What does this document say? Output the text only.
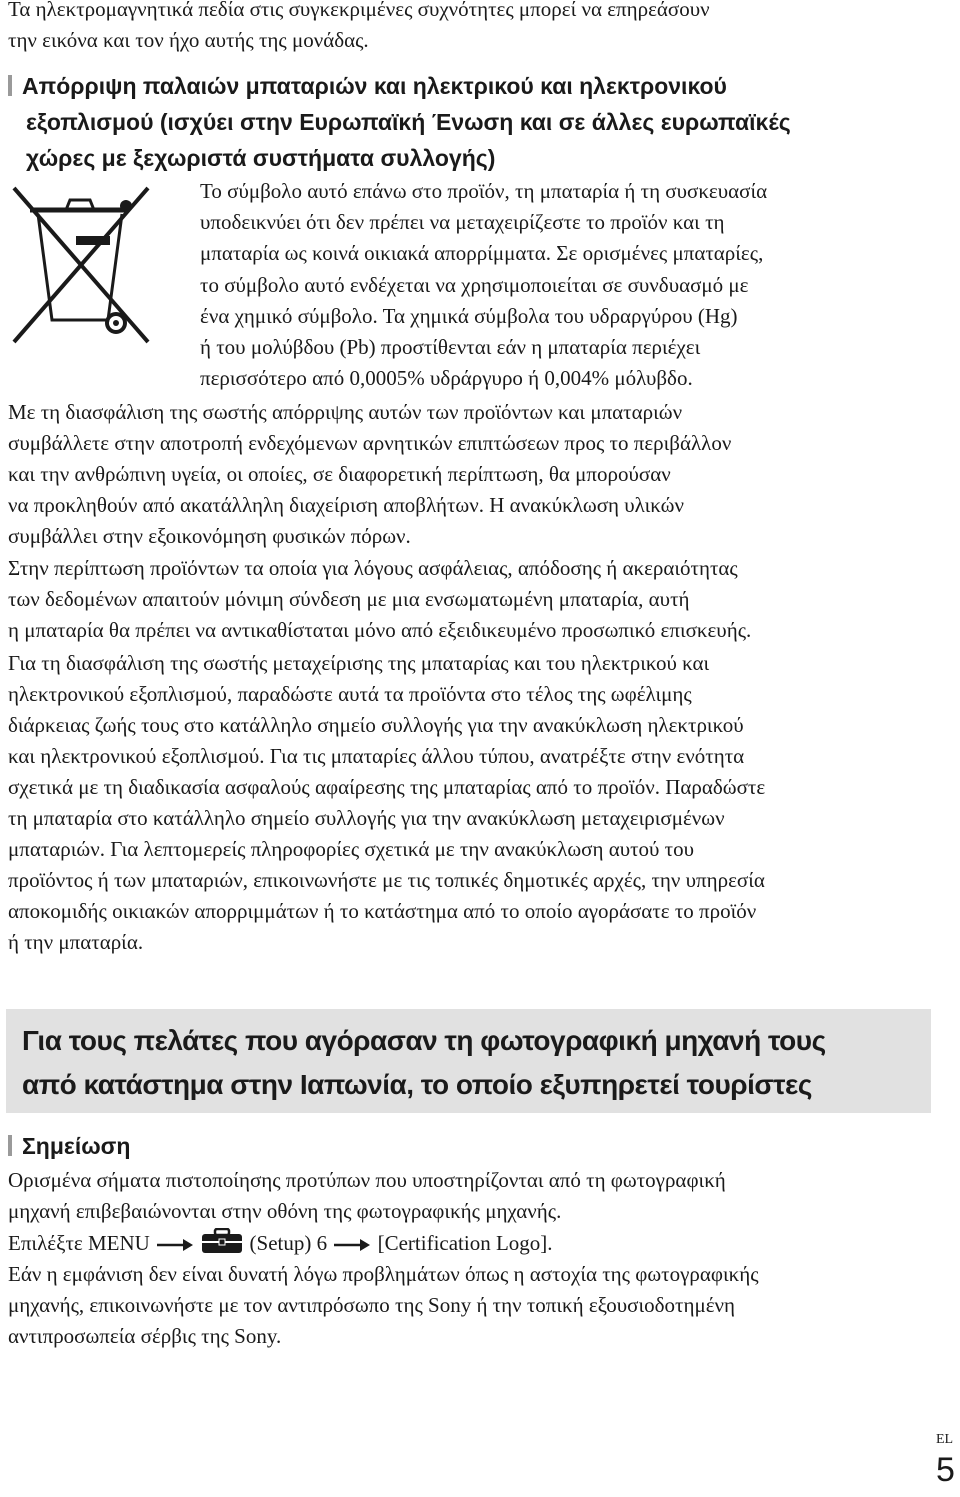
Τα ηλεκτρομαγνητικά πεδία στις συγκεκριμένες συχνότητες μπορεί να επηρεάσουν
την εικόνα και τον ήχο αυτής της μονάδας.
Απόρριψη παλαιών μπαταριών και ηλεκτρικού και ηλεκτρονικού
εξοπλισμού (ισχύει στην Ευρωπαϊκή Ένωση και σε άλλες ευρωπαϊκές
χώρες με ξεχωριστά συστήματα συλλογής)
Το σύμβολο αυτό επάνω στο προϊόν, τη μπαταρία ή τη συσκευασία
υποδεικνύει ότι δεν πρέπει να μεταχειρίζεστε το προϊόν και τη
μπαταρία ως κοινά οικιακά απορρίμματα. Σε ορισμένες μπαταρίες,
το σύμβολο αυτό ενδέχεται να χρησιμοποιείται σε συνδυασμό με
ένα χημικό σύμβολο. Τα χημικά σύμβολα του υδραργύρου (Hg)
ή του μολύβδου (Pb) προστίθενται εάν η μπαταρία περιέχει
περισσότερο από 0,0005% υδράργυρο ή 0,004% μόλυβδο.
Με τη διασφάλιση της σωστής απόρριψης αυτών των προϊόντων και μπαταριών
συμβάλλετε στην αποτροπή ενδεχόμενων αρνητικών επιπτώσεων προς το περιβάλλον
και την ανθρώπινη υγεία, οι οποίες, σε διαφορετική περίπτωση, θα μπορούσαν
να προκληθούν από ακατάλληλη διαχείριση αποβλήτων. Η ανακύκλωση υλικών
συμβάλλει στην εξοικονόμηση φυσικών πόρων.
Στην περίπτωση προϊόντων τα οποία για λόγους ασφάλειας, απόδοσης ή ακεραιότητας
των δεδομένων απαιτούν μόνιμη σύνδεση με μια ενσωματωμένη μπαταρία, αυτή
η μπαταρία θα πρέπει να αντικαθίσταται μόνο από εξειδικευμένο προσωπικό επισκευής.
Για τη διασφάλιση της σωστής μεταχείρισης της μπαταρίας και του ηλεκτρικού και
ηλεκτρονικού εξοπλισμού, παραδώστε αυτά τα προϊόντα στο τέλος της ωφέλιμης
διάρκειας ζωής τους στο κατάλληλο σημείο συλλογής για την ανακύκλωση ηλεκτρικού
και ηλεκτρονικού εξοπλισμού. Για τις μπαταρίες άλλου τύπου, ανατρέξτε στην ενότητα
σχετικά με τη διαδικασία ασφαλούς αφαίρεσης της μπαταρίας από το προϊόν. Παραδώστε
τη μπαταρία στο κατάλληλο σημείο συλλογής για την ανακύκλωση μεταχειρισμένων
μπαταριών. Για λεπτομερείς πληροφορίες σχετικά με την ανακύκλωση αυτού του
προϊόντος ή των μπαταριών, επικοινωνήστε με τις τοπικές δημοτικές αρχές, την υπηρεσία
αποκομιδής οικιακών απορριμμάτων ή το κατάστημα από το οποίο αγοράσατε το προϊόν
ή την μπαταρία.
Για τους πελάτες που αγόρασαν τη φωτογραφική μηχανή τους
από κατάστημα στην Ιαπωνία, το οποίο εξυπηρετεί τουρίστες
Σημείωση
Ορισμένα σήματα πιστοποίησης προτύπων που υποστηρίζονται από τη φωτογραφική
μηχανή επιβεβαιώνονται στην οθόνη της φωτογραφικής μηχανής.
Επιλέξτε MENU	(Setup) 6 [Certification Logo].
Εάν η εμφάνιση δεν είναι δυνατή λόγω προβλημάτων όπως η αστοχία της φωτογραφικής
μηχανής, επικοινωνήστε με τον αντιπρόσωπο της Sony ή την τοπική εξουσιοδοτημένη
αντιπροσωπεία σέρβις της Sony.
EL
5
